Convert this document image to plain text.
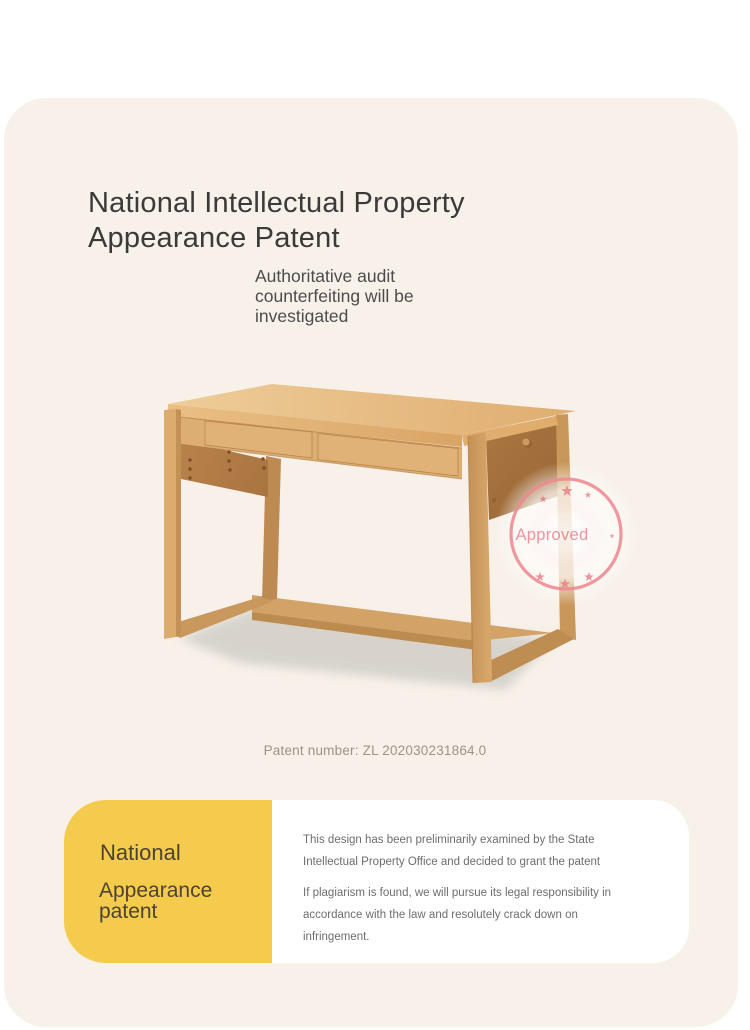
National Intellectual Property
Appearance Patent
Authoritative audit
counterfeiting will be
investigated
Approved
Patent number: ZL 202030231864.0
National
Appearance
patent
This design has been preliminarily examined by the State
Intellectual Property Office and decided to grant the patent
If plagiarism is found, we will pursue its legal responsibility in
accordance with the law and resolutely crack down on
infringement.
